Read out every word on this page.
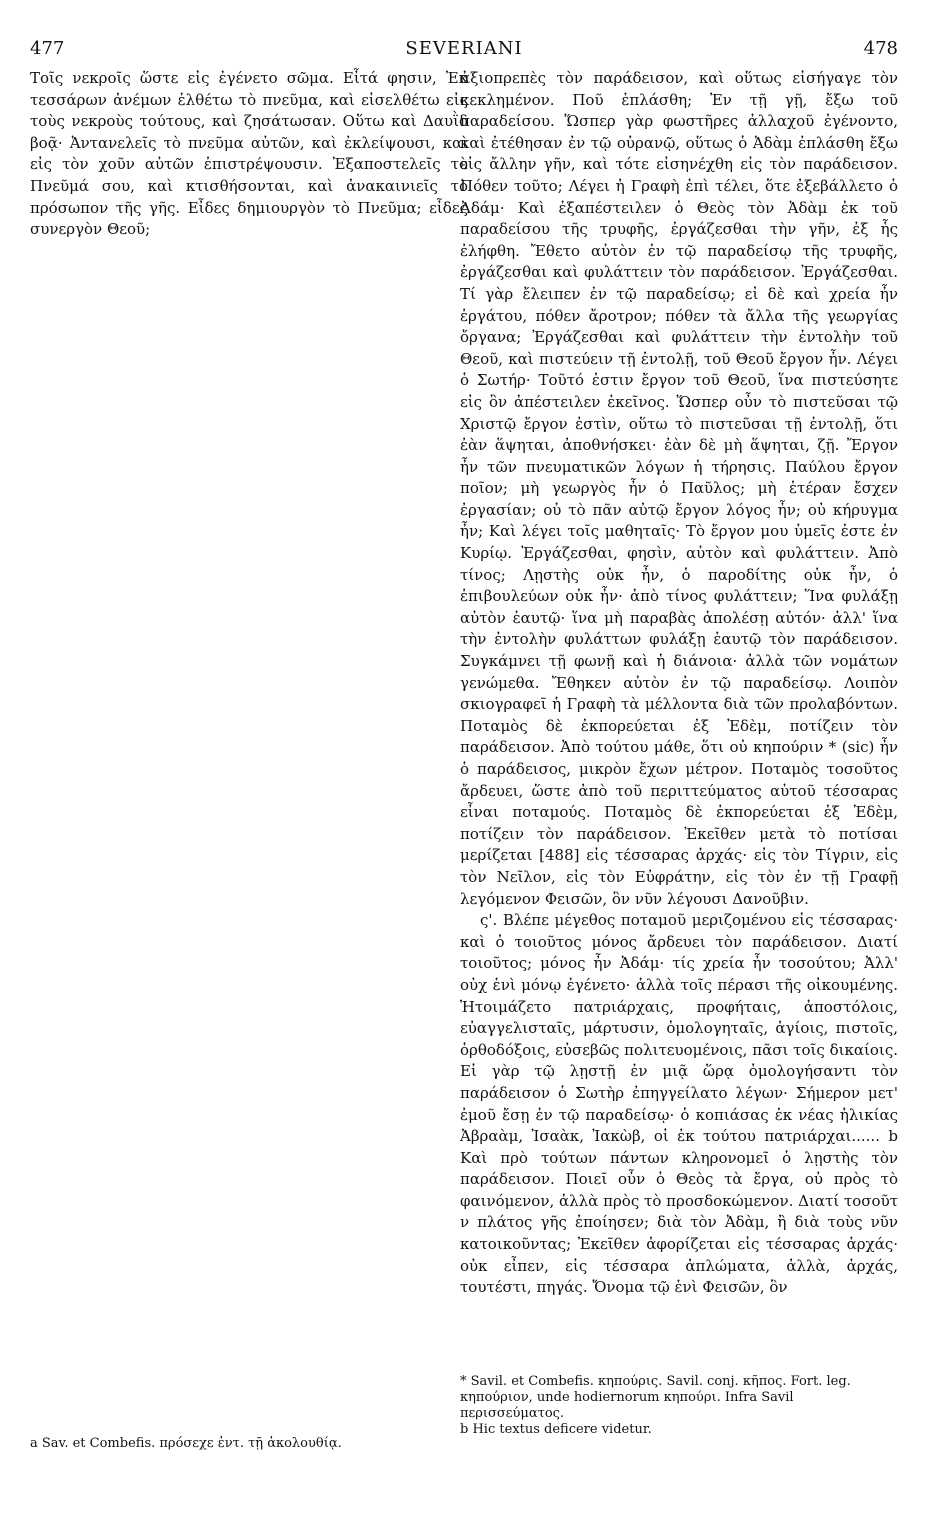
477	SEVERIANI	478

Τοῖς νεκροῖς ὥστε εἰς ἐγένετο σῶμα. Εἶτά φησιν, Ἐκ τεσσάρων ἀνέμων ἐλθέτω τὸ πνεῦμα, καὶ εἰσελθέτω εἰς τοὺς νεκροὺς τούτους, καὶ ζησάτωσαν. Οὕτω καὶ Δαυῒδ βοᾷ· Ἀντανελεῖς τὸ πνεῦμα αὐτῶν, καὶ ἐκλείψουσι, καὶ εἰς τὸν χοῦν αὐτῶν ἐπιστρέψουσιν. Ἐξαποστελεῖς τὸ Πνεῦμά σου, καὶ κτισθήσονται, καὶ ἀνακαινιεῖς τὸ πρόσωπον τῆς γῆς. Εἶδες δημιουργὸν τὸ Πνεῦμα; εἶδες συνεργὸν Θεοῦ;

ἀξιοπρεπὲς τὸν παράδεισον, καὶ οὕτως εἰσήγαγε τὸν κεκλημένον. Ποῦ ἐπλάσθη; Ἐν τῇ γῇ, ἔξω τοῦ παραδείσου. Ὥσπερ γὰρ φωστῆρες ἀλλαχοῦ ἐγένοντο, καὶ ἐτέθησαν ἐν τῷ οὐρανῷ, οὕτως ὁ Ἀδὰμ ἐπλάσθη ἔξω εἰς ἄλλην γῆν, καὶ τότε εἰσηνέχθη εἰς τὸν παράδεισον. Πόθεν τοῦτο; Λέγει ἡ Γραφὴ ἐπὶ τέλει, ὅτε ἐξεβάλλετο ὁ Ἀδάμ· Καὶ ἐξαπέστειλεν ὁ Θεὸς τὸν Ἀδὰμ ἐκ τοῦ παραδείσου τῆς τρυφῆς, ἐργάζεσθαι τὴν γῆν, ἐξ ἧς ἐλήφθη. Ἔθετο αὐτὸν ἐν τῷ παραδείσῳ τῆς τρυφῆς, ἐργάζεσθαι καὶ φυλάττειν τὸν παράδεισον. Ἐργάζεσθαι. Τί γὰρ ἔλειπεν ἐν τῷ παραδείσῳ; εἰ δὲ καὶ χρεία ἦν ἐργάτου, πόθεν ἄροτρον; πόθεν τὰ ἄλλα τῆς γεωργίας ὄργανα; Ἐργάζεσθαι καὶ φυλάττειν τὴν ἐντολὴν τοῦ Θεοῦ, καὶ πιστεύειν τῇ ἐντολῇ, τοῦ Θεοῦ ἔργον ἦν. Λέγει ὁ Σωτήρ· Τοῦτό ἐστιν ἔργον τοῦ Θεοῦ, ἵνα πιστεύσητε εἰς ὃν ἀπέστειλεν ἐκεῖνος. Ὥσπερ οὖν τὸ πιστεῦσαι τῷ Χριστῷ ἔργον ἐστὶν, οὕτω τὸ πιστεῦσαι τῇ ἐντολῇ, ὅτι ἐὰν ἅψηται, ἀποθνήσκει· ἐὰν δὲ μὴ ἅψηται, ζῇ. Ἔργον ἦν τῶν πνευματικῶν λόγων ἡ τήρησις. Παύλου ἔργον ποῖον; μὴ γεωργὸς ἦν ὁ Παῦλος; μὴ ἑτέραν ἔσχεν ἐργασίαν; οὐ τὸ πᾶν αὐτῷ ἔργον λόγος ἦν; οὐ κήρυγμα ἦν; Καὶ λέγει τοῖς μαθηταῖς· Τὸ ἔργον μου ὑμεῖς ἐστε ἐν Κυρίῳ. Ἐργάζεσθαι, φησὶν, αὐτὸν καὶ φυλάττειν. Ἀπὸ τίνος; Λῃστὴς οὐκ ἦν, ὁ παροδίτης οὐκ ἦν, ὁ ἐπιβουλεύων οὐκ ἦν· ἀπὸ τίνος φυλάττειν; Ἵνα φυλάξῃ αὐτὸν ἑαυτῷ· ἵνα μὴ παραβὰς ἀπολέσῃ αὐτόν· ἀλλ' ἵνα τὴν ἐντολὴν φυλάττων φυλάξῃ ἑαυτῷ τὸν παράδεισον. Συγκάμνει τῇ φωνῇ καὶ ἡ διάνοια· ἀλλὰ τῶν νομάτων γενώμεθα. Ἔθηκεν αὐτὸν ἐν τῷ παραδείσῳ. Λοιπὸν σκιογραφεῖ ἡ Γραφὴ τὰ μέλλοντα διὰ τῶν προλαβόντων. Ποταμὸς δὲ ἐκπορεύεται ἐξ Ἐδὲμ, ποτίζειν τὸν παράδεισον. Ἀπὸ τούτου μάθε, ὅτι οὐ κηπούριν * (sic) ἦν ὁ παράδεισος, μικρὸν ἔχων μέτρον. Ποταμὸς τοσοῦτος ἄρδευει, ὥστε ἀπὸ τοῦ περιττεύματος αὐτοῦ τέσσαρας εἶναι ποταμούς. Ποταμὸς δὲ ἐκπορεύεται ἐξ Ἐδὲμ, ποτίζειν τὸν παράδεισον. Ἐκεῖθεν μετὰ τὸ ποτίσαι μερίζεται [488] εἰς τέσσαρας ἀρχάς· εἰς τὸν Τίγριν, εἰς τὸν Νεῖλον, εἰς τὸν Εὐφράτην, εἰς τὸν ἐν τῇ Γραφῇ λεγόμενον Φεισῶν, ὃν νῦν λέγουσι Δανοῦβιν.

ς'. Βλέπε μέγεθος ποταμοῦ μεριζομένου εἰς τέσσαρας· καὶ ὁ τοιοῦτος μόνος ἄρδευει τὸν παράδεισον. Διατί τοιοῦτος; μόνος ἦν Ἀδάμ· τίς χρεία ἦν τοσούτου; Ἀλλ' οὐχ ἑνὶ μόνῳ ἐγένετο· ἀλλὰ τοῖς πέρασι τῆς οἰκουμένης. Ἡτοιμάζετο πατριάρχαις, προφήταις, ἀποστόλοις, εὐαγγελισταῖς, μάρτυσιν, ὁμολογηταῖς, ἁγίοις, πιστοῖς, ὀρθοδόξοις, εὐσεβῶς πολιτευομένοις, πᾶσι τοῖς δικαίοις. Εἰ γὰρ τῷ λῃστῇ ἐν μιᾷ ὥρᾳ ὁμολογήσαντι τὸν παράδεισον ὁ Σωτὴρ ἐπηγγείλατο λέγων· Σήμερον μετ' ἐμοῦ ἔσῃ ἐν τῷ παραδείσῳ· ὁ κοπιάσας ἐκ νέας ἡλικίας Ἀβραὰμ, Ἰσαὰκ, Ἰακὼβ, οἱ ἐκ τούτου πατριάρχαι...... b Καὶ πρὸ τούτων πάντων κληρονομεῖ ὁ λῃστὴς τὸν παράδεισον. Ποιεῖ οὖν ὁ Θεὸς τὰ ἔργα, οὐ πρὸς τὸ φαινόμενον, ἀλλὰ πρὸς τὸ προσδοκώμενον. Διατί τοσοῦτ ν πλάτος γῆς ἐποίησεν; διὰ τὸν Ἀδὰμ, ἢ διὰ τοὺς νῦν κατοικοῦντας; Ἐκεῖθεν ἀφορίζεται εἰς τέσσαρας ἀρχάς· οὐκ εἶπεν, εἰς τέσσαρα ἁπλώματα, ἀλλὰ, ἀρχάς, τουτέστι, πηγάς. Ὄνομα τῷ ἑνὶ Φεισῶν, ὃν

a Sav. et Combefis. πρόσεχε ἐντ. τῇ ἀκολουθίᾳ.

* Savil. et Combefis. κηπούρις. Savil. conj. κῆπος. Fort. leg. κηπούριον, unde hodiernorum κηπούρι. Infra Savil περισσεύματος.

b Hic textus deficere videtur.
